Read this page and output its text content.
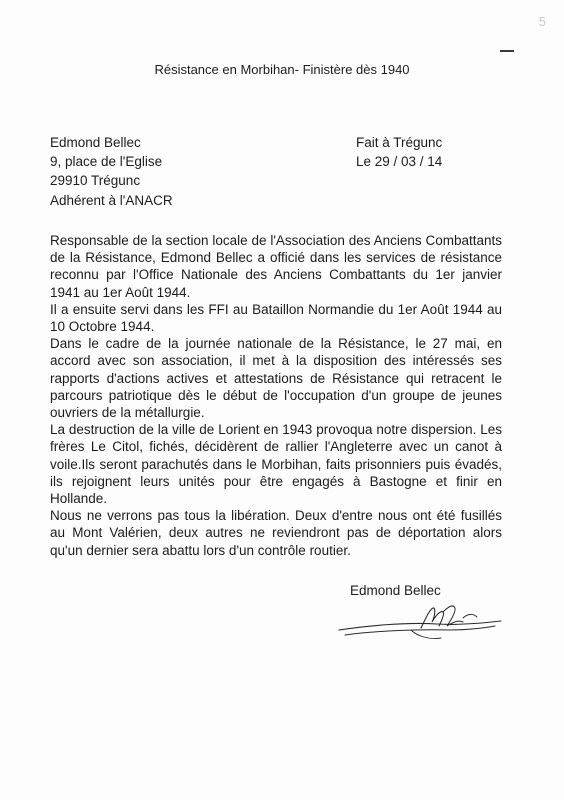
5
Résistance en Morbihan- Finistère dès 1940
Edmond Bellec
9, place de l'Eglise
29910 Trégunc
Adhérent à l'ANACR
Fait à Trégunc
Le 29 / 03 / 14

Responsable de la section locale de l'Association des Anciens Combattants de la Résistance, Edmond Bellec a officié dans les services de résistance reconnu par l'Office Nationale des Anciens Combattants du 1er janvier 1941 au 1er Août 1944.

Il a ensuite servi dans les FFI au Bataillon Normandie du 1er Août 1944 au 10 Octobre 1944.

Dans le cadre de la journée nationale de la Résistance, le 27 mai, en accord avec son association, il met à la disposition des intéressés ses rapports d'actions actives et attestations de Résistance qui retracent le parcours patriotique dès le début de l'occupation d'un groupe de jeunes ouvriers de la métallurgie.

La destruction de la ville de Lorient en 1943 provoqua notre dispersion. Les frères Le Citol, fichés, décidèrent de rallier l'Angleterre avec un canot à voile.Ils seront parachutés dans le Morbihan, faits prisonniers puis évadés, ils rejoignent leurs unités pour être engagés à Bastogne et finir en Hollande.

Nous ne verrons pas tous la libération. Deux d'entre nous ont été fusillés au Mont Valérien, deux autres ne reviendront pas de déportation alors qu'un dernier sera abattu lors d'un contrôle routier.

Edmond Bellec
